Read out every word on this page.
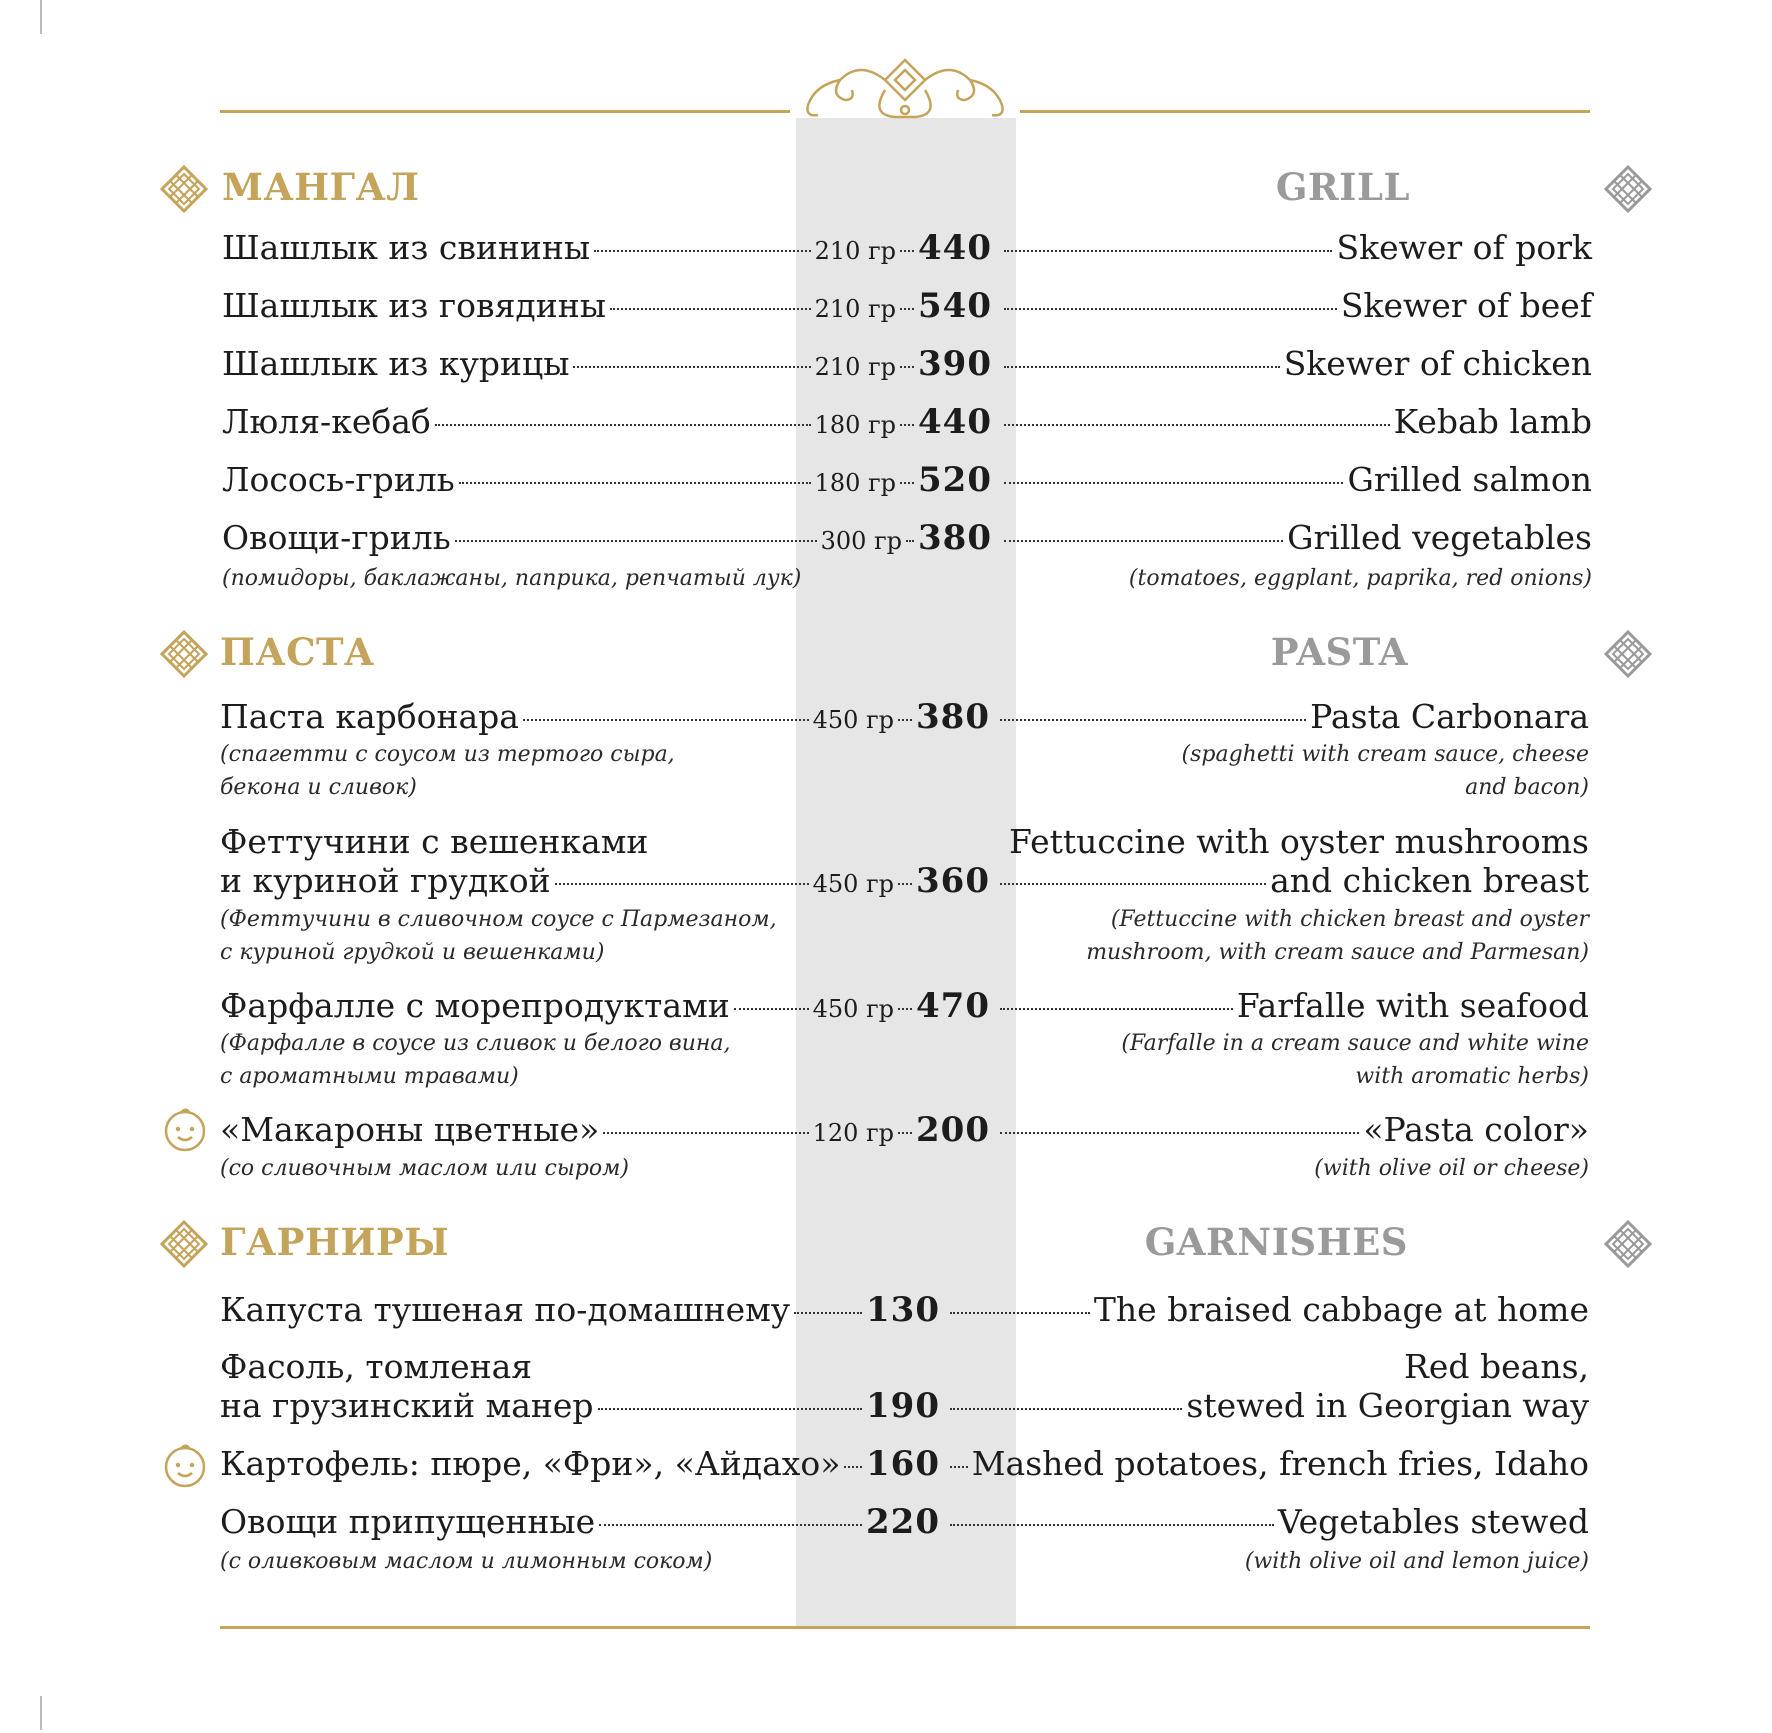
МАНГАЛ	GRILL
Шашлык из свинины	210 гр 440	Skewer of pork
Шашлык из говядины	210 гр 540	Skewer of beef
Шашлык из курицы	210 гр 390	Skewer of chicken
Люля-кебаб	180 гр 440	Kebab lamb
Лосось-гриль	180 гр 520	Grilled salmon
Овощи-гриль	300 гр 380	Grilled vegetables
(помидоры, баклажаны, паприка, репчатый лук)	(tomatoes, eggplant, paprika, red onions)
ПАСТА	PASTA
Паста карбонара	450 гр 380	Pasta Carbonara
(спагетти с соусом из тертого сыра,
бекона и сливок)
(spaghetti with cream sauce, cheese
and bacon)
Феттучини с вешенками	Fettuccine with oyster mushrooms
и куриной грудкой	450 гр 360	and chicken breast
(Феттучини в сливочном соусе с Пармезаном,
с куриной грудкой и вешенками)
(Fettuccine with chicken breast and oyster
mushroom, with cream sauce and Parmesan)
Фарфалле с морепродуктами	450 гр 470	Farfalle with seafood
(Фарфалле в соусе из сливок и белого вина,
с ароматными травами)
(Farfalle in a cream sauce and white wine
with aromatic herbs)
«Макароны цветные»	120 гр 200	«Pasta color»
(со сливочным маслом или сыром)	(with olive oil or cheese)
ГАРНИРЫ	GARNISHES
Капуста тушеная по-домашнему 130	The braised cabbage at home
Фасоль, томленая	Red beans,
на грузинский манер	190	stewed in Georgian way
Картофель: пюре, «Фри», «Айдахо» 160 Mashed potatoes, french fries, Idaho
Овощи припущенные	220	Vegetables stewed
(с оливковым маслом и лимонным соком)	(with olive oil and lemon juice)
